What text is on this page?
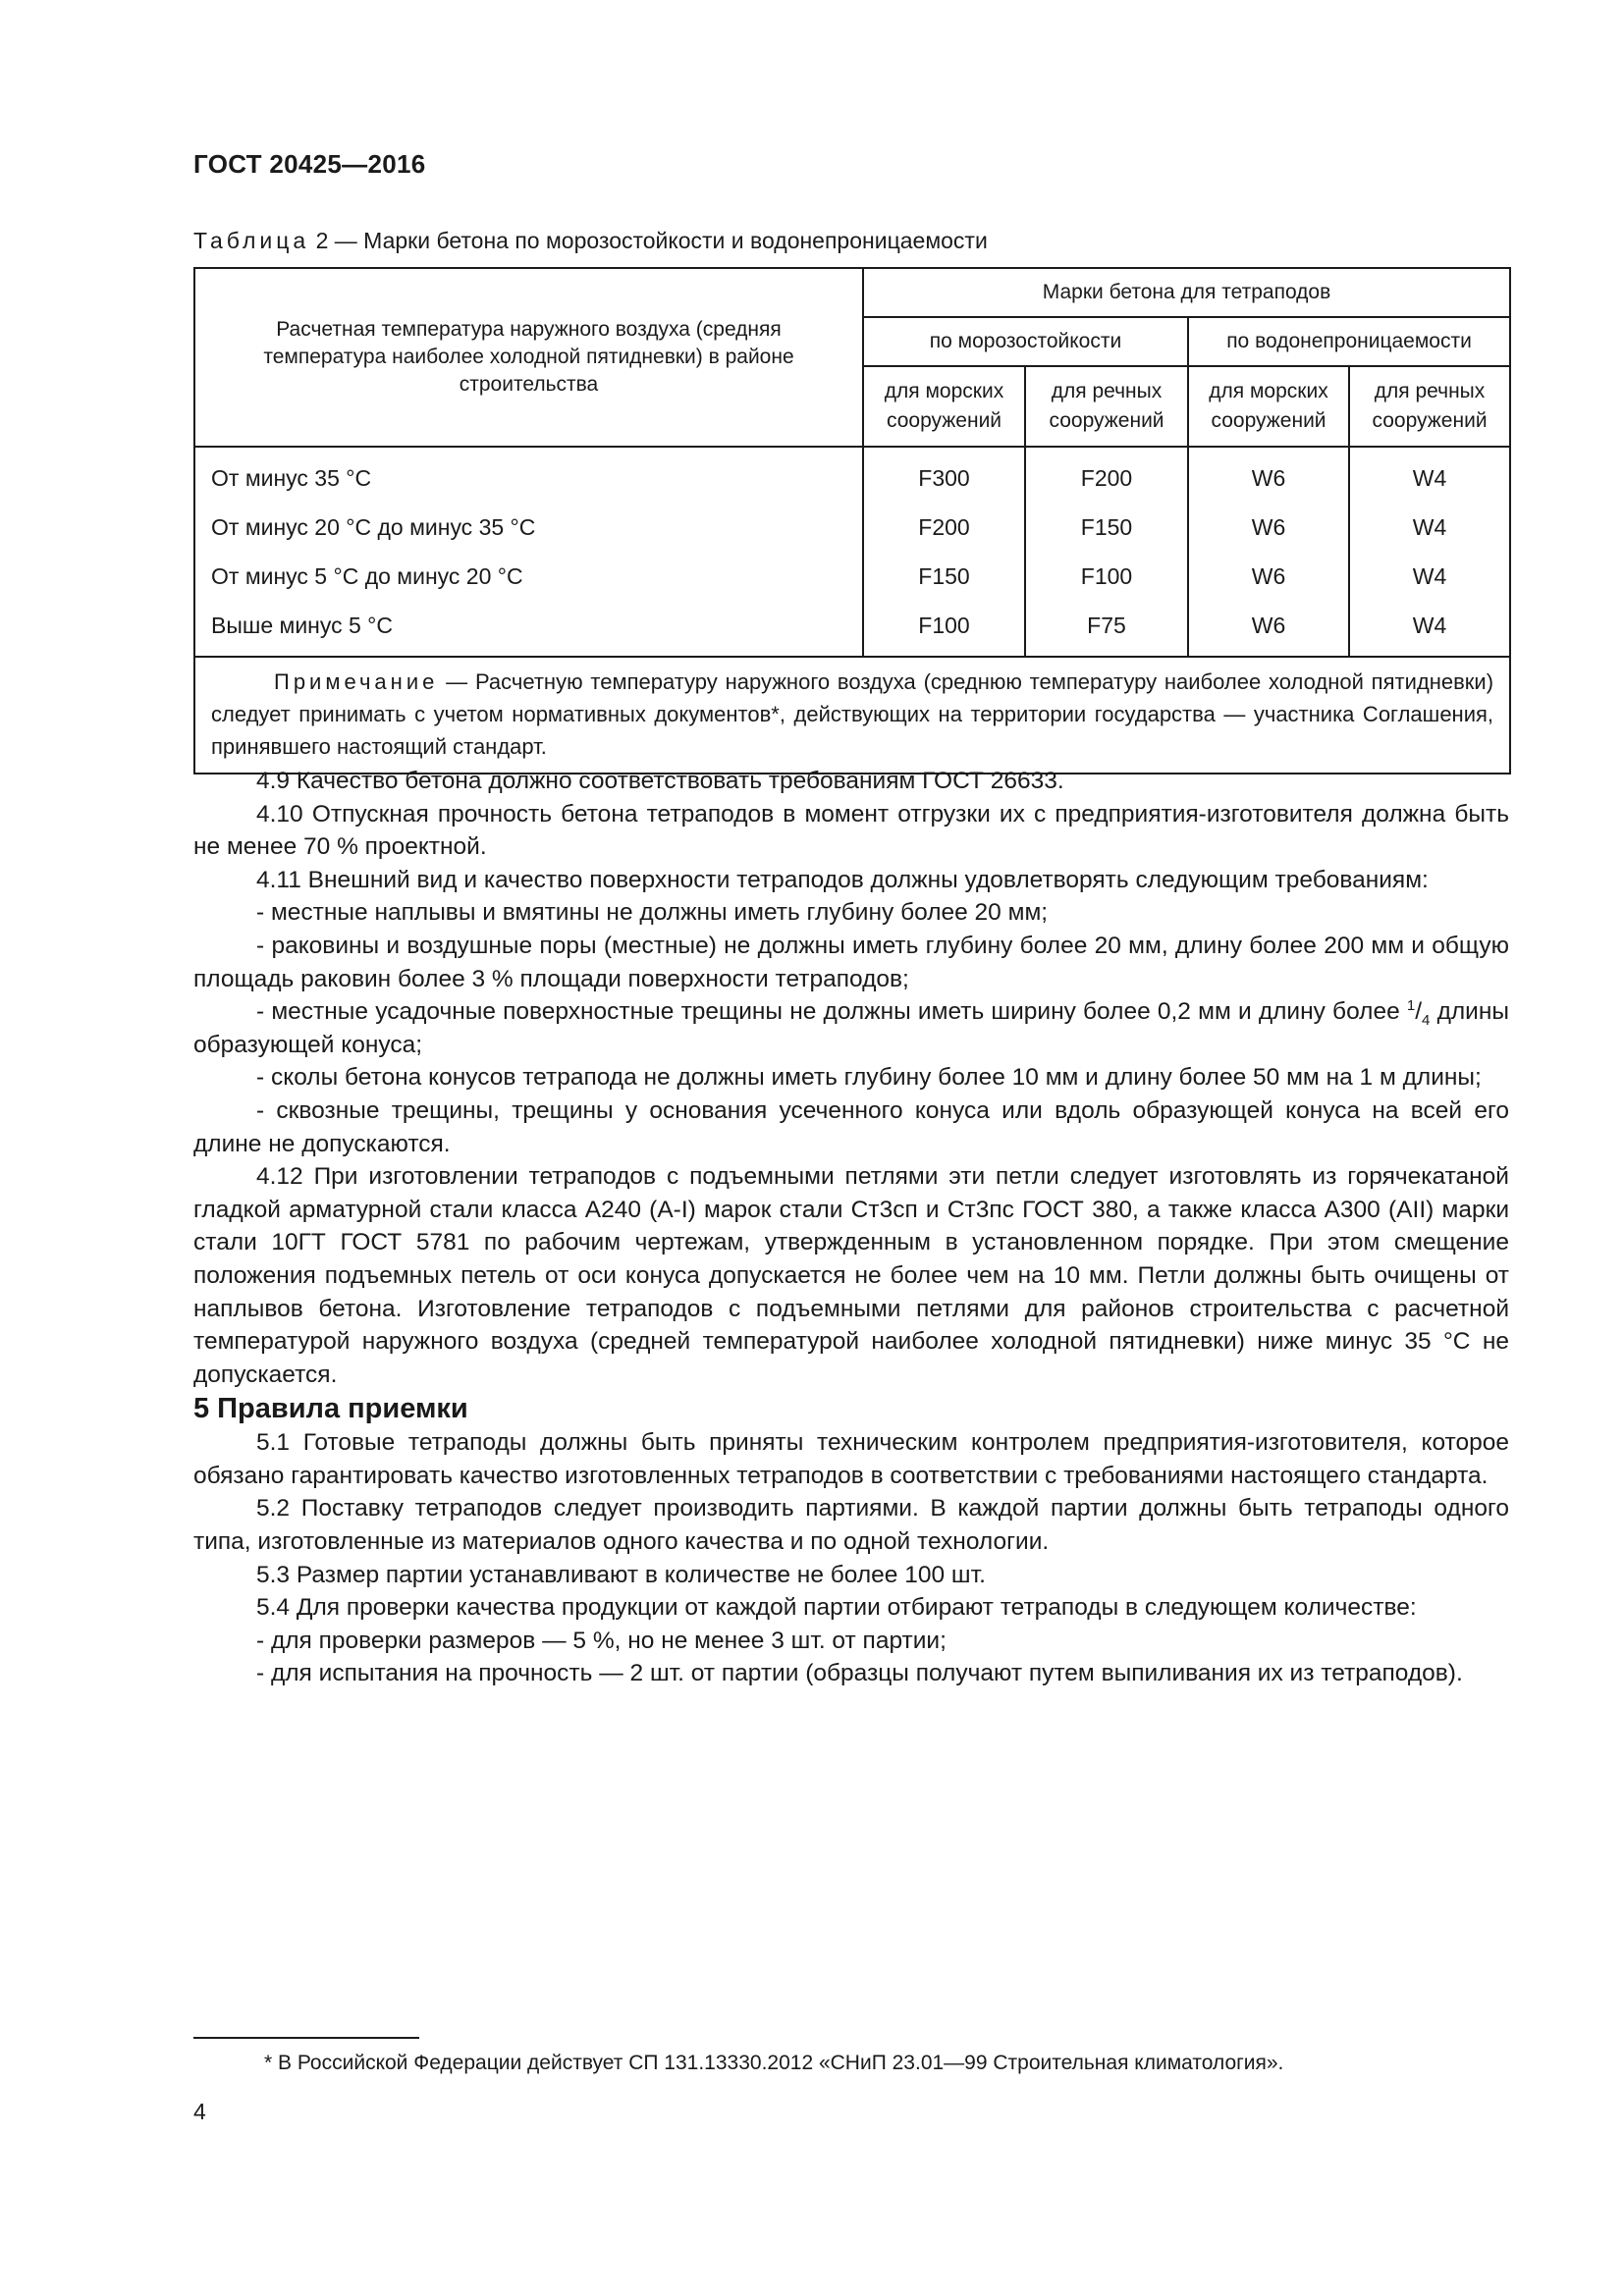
ГОСТ 20425—2016
Таблица 2 — Марки бетона по морозостойкости и водонепроницаемости
Расчетная температура наружного воздуха (средняя температура наиболее холодной пятидневки) в районе строительства	Марки бетона для тетраподов			
	по морозостойкости		по водонепроницаемости	
	для морских сооружений	для речных сооружений	для морских сооружений	для речных сооружений
От минус 35 °С	F300	F200	W6	W4
От минус 20 °С до минус 35 °С	F200	F150	W6	W4
От минус 5 °С до минус 20 °С	F150	F100	W6	W4
Выше минус 5 °С	F100	F75	W6	W4
Примечание — Расчетную температуру наружного воздуха (среднюю температуру наиболее холодной пятидневки) следует принимать с учетом нормативных документов*, действующих на территории государства — участника Соглашения, принявшего настоящий стандарт.				

4.9 Качество бетона должно соответствовать требованиям ГОСТ 26633.

4.10 Отпускная прочность бетона тетраподов в момент отгрузки их с предприятия-изготовителя должна быть не менее 70 % проектной.

4.11 Внешний вид и качество поверхности тетраподов должны удовлетворять следующим требованиям:

- местные наплывы и вмятины не должны иметь глубину более 20 мм;

- раковины и воздушные поры (местные) не должны иметь глубину более 20 мм, длину более 200 мм и общую площадь раковин более 3 % площади поверхности тетраподов;

- местные усадочные поверхностные трещины не должны иметь ширину более 0,2 мм и длину более $^1/_4$ длины образующей конуса;

- сколы бетона конусов тетрапода не должны иметь глубину более 10 мм и длину более 50 мм на 1 м длины;

- сквозные трещины, трещины у основания усеченного конуса или вдоль образующей конуса на всей его длине не допускаются.

4.12 При изготовлении тетраподов с подъемными петлями эти петли следует изготовлять из горячекатаной гладкой арматурной стали класса А240 (А-I) марок стали Ст3сп и Ст3пс ГОСТ 380, а также класса А300 (AII) марки стали 10ГТ ГОСТ 5781 по рабочим чертежам, утвержденным в установленном порядке. При этом смещение положения подъемных петель от оси конуса допускается не более чем на 10 мм. Петли должны быть очищены от наплывов бетона. Изготовление тетраподов с подъемными петлями для районов строительства с расчетной температурой наружного воздуха (средней температурой наиболее холодной пятидневки) ниже минус 35 °С не допускается.

5 Правила приемки

5.1 Готовые тетраподы должны быть приняты техническим контролем предприятия-изготовителя, которое обязано гарантировать качество изготовленных тетраподов в соответствии с требованиями настоящего стандарта.

5.2 Поставку тетраподов следует производить партиями. В каждой партии должны быть тетраподы одного типа, изготовленные из материалов одного качества и по одной технологии.

5.3 Размер партии устанавливают в количестве не более 100 шт.

5.4 Для проверки качества продукции от каждой партии отбирают тетраподы в следующем количестве:

- для проверки размеров — 5 %, но не менее 3 шт. от партии;

- для испытания на прочность — 2 шт. от партии (образцы получают путем выпиливания их из тетраподов).

* В Российской Федерации действует СП 131.13330.2012 «СНиП 23.01—99 Строительная климатология».
4
